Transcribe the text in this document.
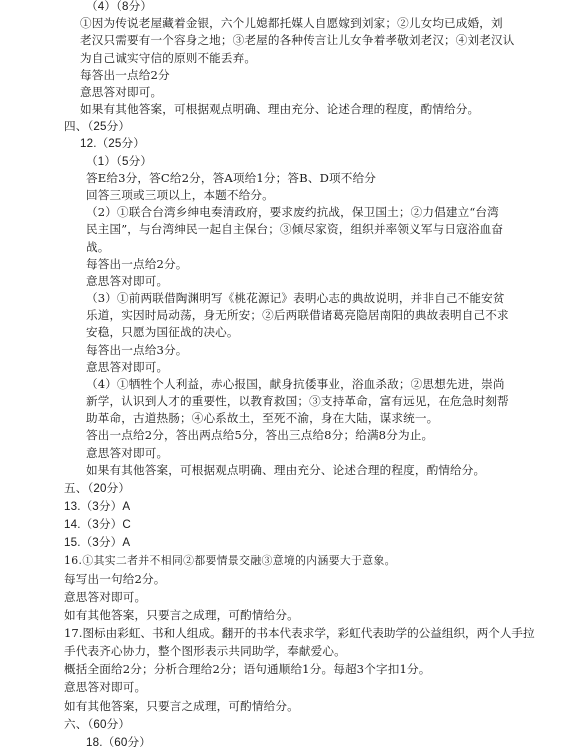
（4）（8分）
①因为传说老屋藏着金银，六个儿媳都托媒人自愿嫁到刘家；②儿女均已成婚，刘
老汉只需要有一个容身之地；③老屋的各种传言让儿女争着孝敬刘老汉；④刘老汉认
为自己诚实守信的原则不能丢弃。
每答出一点给2分
意思答对即可。
如果有其他答案，可根据观点明确、理由充分、论述合理的程度，酌情给分。
四、（25分）
12.（25分）
（1）（5分）
答E给3分，答C给2分，答A项给1分；答B、D项不给分
回答三项或三项以上，本题不给分。
（2）①联合台湾乡绅电奏清政府，要求废约抗战，保卫国土；②力倡建立“台湾
民主国”，与台湾绅民一起自主保台；③倾尽家资，组织并率领义军与日寇浴血奋
战。
每答出一点给2分。
意思答对即可。
（3）①前两联借陶渊明写《桃花源记》表明心志的典故说明，并非自己不能安贫
乐道，实因时局动荡，身无所安；②后两联借诸葛亮隐居南阳的典故表明自己不求
安稳，只愿为国征战的决心。
每答出一点给3分。
意思答对即可。
（4）①牺牲个人利益，赤心报国，献身抗倭事业，浴血杀敌；②思想先进，崇尚
新学，认识到人才的重要性，以教育救国；③支持革命，富有远见，在危急时刻帮
助革命，古道热肠；④心系故土，至死不渝，身在大陆，谋求统一。
答出一点给2分，答出两点给5分，答出三点给8分；给满8分为止。
意思答对即可。
如果有其他答案，可根据观点明确、理由充分、论述合理的程度，酌情给分。
五、（20分）
13.（3分）A
14.（3分）C
15.（3分）A
16.①其实二者并不相同②都要情景交融③意境的内涵要大于意象。
每写出一句给2分。
意思答对即可。
如有其他答案，只要言之成理，可酌情给分。
17.图标由彩虹、书和人组成。翻开的书本代表求学，彩虹代表助学的公益组织，两个人手拉
手代表齐心协力，整个图形表示共同助学，奉献爱心。
概括全面给2分；分析合理给2分；语句通顺给1分。每超3个字扣1分。
意思答对即可。
如有其他答案，只要言之成理，可酌情给分。
六、（60分）
18.（60分）
